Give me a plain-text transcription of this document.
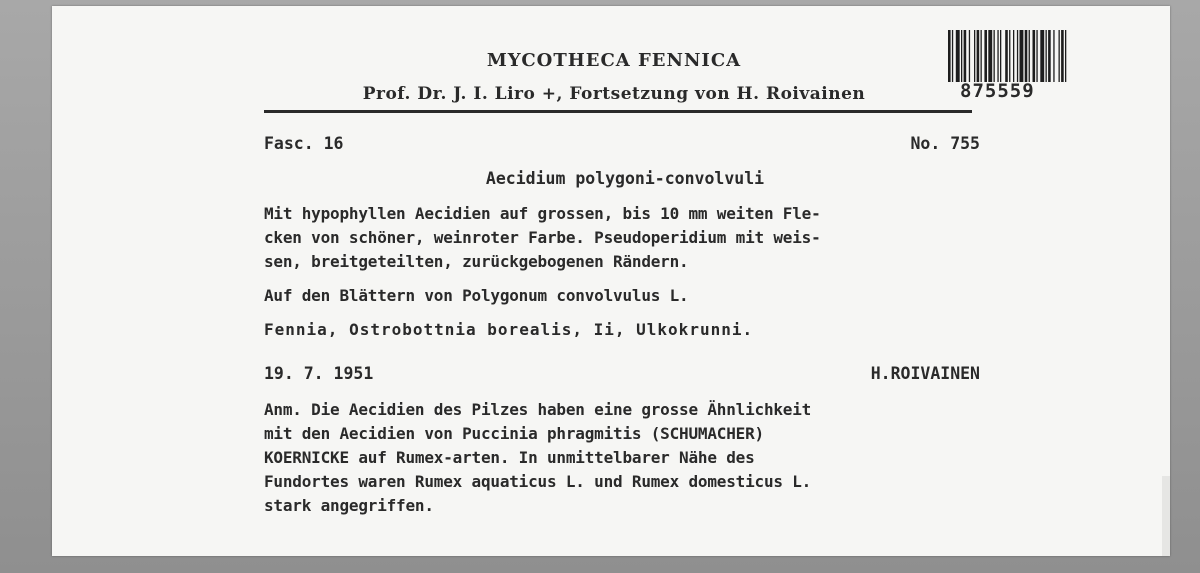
MYCOTHECA FENNICA
Prof. Dr. J. I. Liro +, Fortsetzung von H. Roivainen	875559
Fasc. 16	No. 755
Aecidium polygoni-convolvuli
Mit hypophyllen Aecidien auf grossen, bis 10 mm weiten Fle-
cken von schöner, weinroter Farbe. Pseudoperidium mit weis-
sen, breitgeteilten, zurückgebogenen Rändern.
Auf den Blättern von Polygonum convolvulus L.
Fennia, Ostrobottnia borealis, Ii, Ulkokrunni.
19. 7. 1951	H.ROIVAINEN
Anm. Die Aecidien des Pilzes haben eine grosse Ähnlichkeit
mit den Aecidien von Puccinia phragmitis (SCHUMACHER)
KOERNICKE auf Rumex-arten. In unmittelbarer Nähe des
Fundortes waren Rumex aquaticus L. und Rumex domesticus L.
stark angegriffen.
